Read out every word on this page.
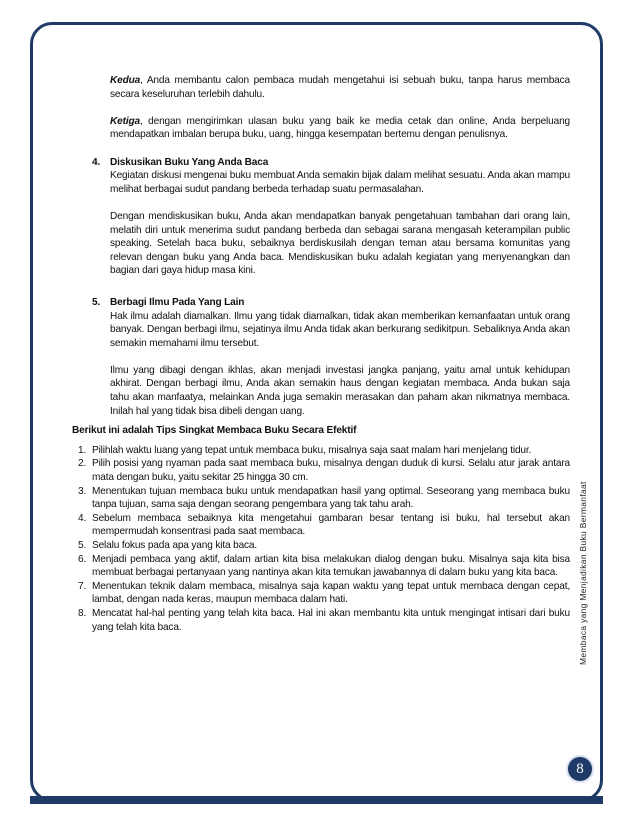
Kedua, Anda membantu calon pembaca mudah mengetahui isi sebuah buku, tanpa harus membaca secara keseluruhan terlebih dahulu.

Ketiga, dengan mengirimkan ulasan buku yang baik ke media cetak dan online, Anda berpeluang mendapatkan imbalan berupa buku, uang, hingga kesempatan bertemu dengan penulisnya.

4. Diskusikan Buku Yang Anda Baca

Kegiatan diskusi mengenai buku membuat Anda semakin bijak dalam melihat sesuatu. Anda akan mampu melihat berbagai sudut pandang berbeda terhadap suatu permasalahan.

Dengan mendiskusikan buku, Anda akan mendapatkan banyak pengetahuan tambahan dari orang lain, melatih diri untuk menerima sudut pandang berbeda dan sebagai sarana mengasah keterampilan public speaking. Setelah baca buku, sebaiknya berdiskusilah dengan teman atau bersama komunitas yang relevan dengan buku yang Anda baca. Mendiskusikan buku adalah kegiatan yang menyenangkan dan bagian dari gaya hidup masa kini.

5. Berbagi Ilmu Pada Yang Lain

Hak ilmu adalah diamalkan. Ilmu yang tidak diamalkan, tidak akan memberikan kemanfaatan untuk orang banyak. Dengan berbagi ilmu, sejatinya ilmu Anda tidak akan berkurang sedikitpun. Sebaliknya Anda akan semakin memahami ilmu tersebut.

Ilmu yang dibagi dengan ikhlas, akan menjadi investasi jangka panjang, yaitu amal untuk kehidupan akhirat. Dengan berbagi ilmu, Anda akan semakin haus dengan kegiatan membaca. Anda bukan saja tahu akan manfaatya, melainkan Anda juga semakin merasakan dan paham akan nikmatnya membaca. Inilah hal yang tidak bisa dibeli dengan uang.

Berikut ini adalah Tips Singkat Membaca Buku Secara Efektif

1. Pilihlah waktu luang yang tepat untuk membaca buku, misalnya saja saat malam hari menjelang tidur.
2. Pilih posisi yang nyaman pada saat membaca buku, misalnya dengan duduk di kursi. Selalu atur jarak antara mata dengan buku, yaitu sekitar 25 hingga 30 cm.
3. Menentukan tujuan membaca buku untuk mendapatkan hasil yang optimal. Seseorang yang membaca buku tanpa tujuan, sama saja dengan seorang pengembara yang tak tahu arah.
4. Sebelum membaca sebaiknya kita mengetahui gambaran besar tentang isi buku, hal tersebut akan mempermudah konsentrasi pada saat membaca.
5. Selalu fokus pada apa yang kita baca.
6. Menjadi pembaca yang aktif, dalam artian kita bisa melakukan dialog dengan buku. Misalnya saja kita bisa membuat berbagai pertanyaan yang nantinya akan kita temukan jawabannya di dalam buku yang kita baca.
7. Menentukan teknik dalam membaca, misalnya saja kapan waktu yang tepat untuk membaca dengan cepat, lambat, dengan nada keras, maupun membaca dalam hati.
8. Mencatat hal-hal penting yang telah kita baca. Hal ini akan membantu kita untuk mengingat intisari dari buku yang telah kita baca.	Membaca yang Menjadikan Buku Bermanfaat
8
